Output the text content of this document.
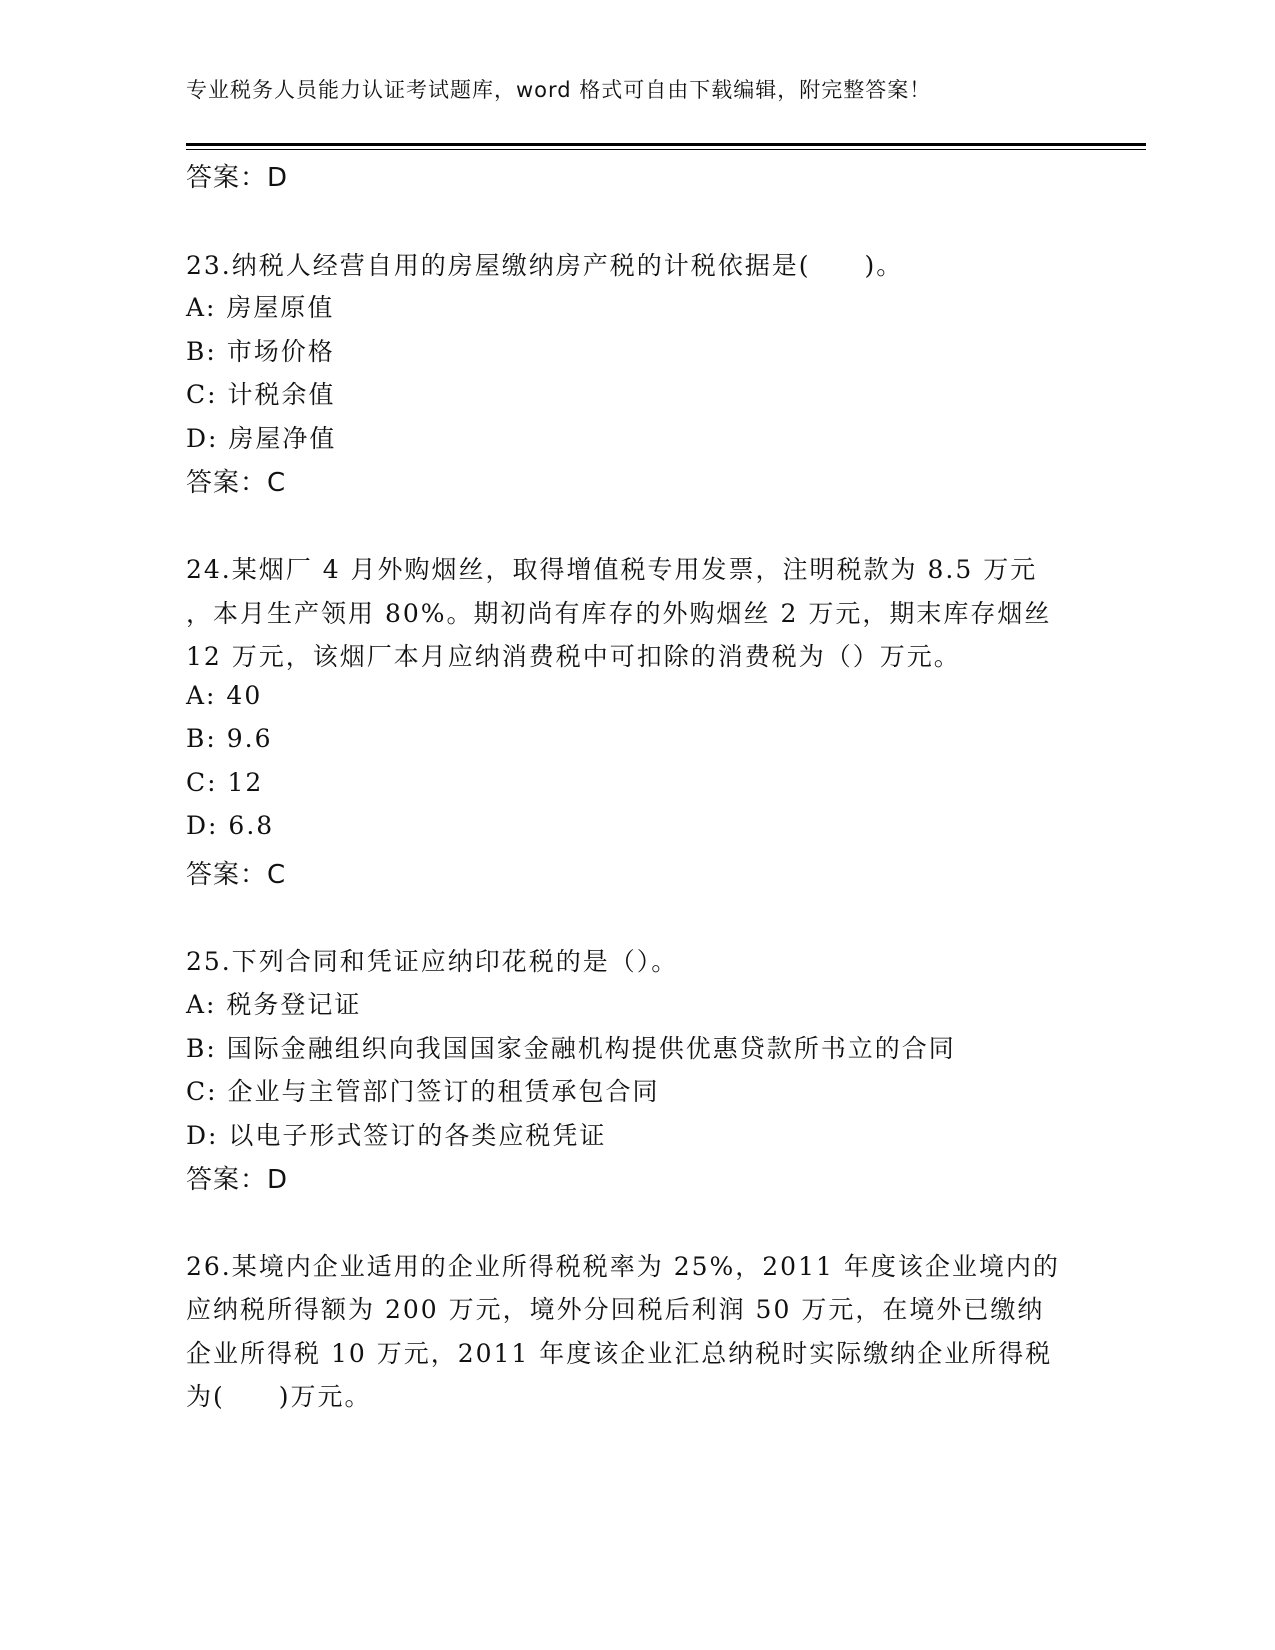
专业税务人员能力认证考试题库，word 格式可自由下载编辑，附完整答案！
答案：D
23.纳税人经营自用的房屋缴纳房产税的计税依据是(　　)。
A: 房屋原值
B: 市场价格
C: 计税余值
D: 房屋净值
答案：C
24.某烟厂 4 月外购烟丝，取得增值税专用发票，注明税款为 8.5 万元
，本月生产领用 80%。期初尚有库存的外购烟丝 2 万元，期末库存烟丝
12 万元，该烟厂本月应纳消费税中可扣除的消费税为（）万元。
A: 40
B: 9.6
C: 12
D: 6.8
答案：C
25.下列合同和凭证应纳印花税的是（）。
A: 税务登记证
B: 国际金融组织向我国国家金融机构提供优惠贷款所书立的合同
C: 企业与主管部门签订的租赁承包合同
D: 以电子形式签订的各类应税凭证
答案：D
26.某境内企业适用的企业所得税税率为 25%，2011 年度该企业境内的
应纳税所得额为 200 万元，境外分回税后利润 50 万元，在境外已缴纳
企业所得税 10 万元，2011 年度该企业汇总纳税时实际缴纳企业所得税
为(　　)万元。
